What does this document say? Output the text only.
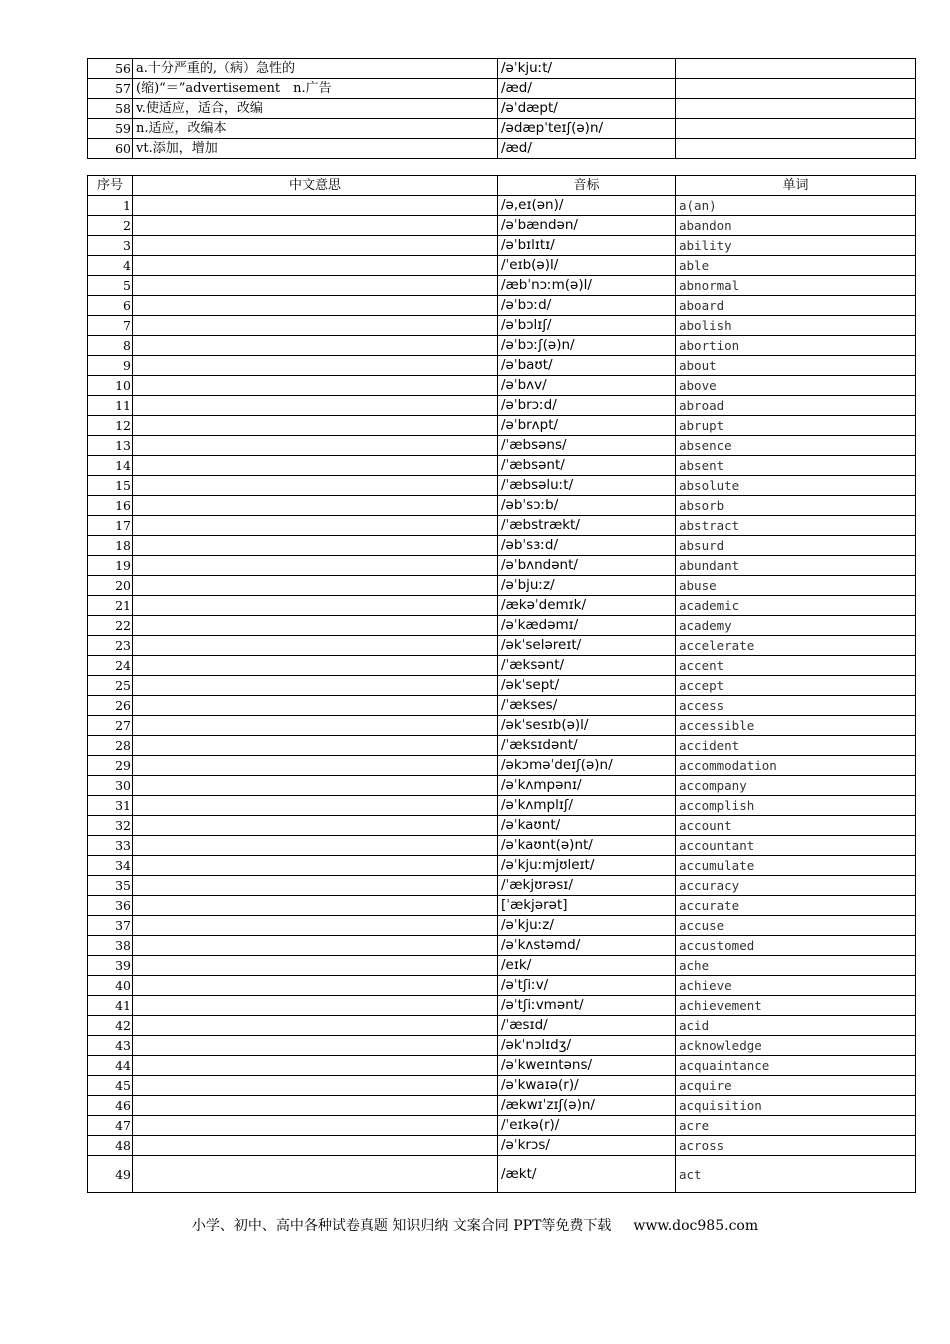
56	a.十分严重的,（病）急性的	/əˈkjuːt/	
57	(缩)“＝”advertisement　n.广告	/æd/	
58	v.使适应，适合，改编	/əˈdæpt/	
59	n.适应，改编本	/ədæpˈteɪʃ(ə)n/	
60	vt.添加，增加	/æd/	
序号	中文意思	音标	单词
1		/ə,eɪ(ən)/	a(an)
2		/əˈbændən/	abandon
3		/əˈbɪlɪtɪ/	ability
4		/ˈeɪb(ə)l/	able
5		/æbˈnɔːm(ə)l/	abnormal
6		/əˈbɔːd/	aboard
7		/əˈbɔlɪʃ/	abolish
8		/əˈbɔːʃ(ə)n/	abortion
9		/əˈbaʊt/	about
10		/əˈbʌv/	above
11		/əˈbrɔːd/	abroad
12		/əˈbrʌpt/	abrupt
13		/ˈæbsəns/	absence
14		/ˈæbsənt/	absent
15		/ˈæbsəluːt/	absolute
16		/əbˈsɔːb/	absorb
17		/ˈæbstrækt/	abstract
18		/əbˈsɜːd/	absurd
19		/əˈbʌndənt/	abundant
20		/əˈbjuːz/	abuse
21		/ækəˈdemɪk/	academic
22		/əˈkædəmɪ/	academy
23		/əkˈseləreɪt/	accelerate
24		/ˈæksənt/	accent
25		/əkˈsept/	accept
26		/ˈækses/	access
27		/əkˈsesɪb(ə)l/	accessible
28		/ˈæksɪdənt/	accident
29		/əkɔməˈdeɪʃ(ə)n/	accommodation
30		/əˈkʌmpənɪ/	accompany
31		/əˈkʌmplɪʃ/	accomplish
32		/əˈkaʊnt/	account
33		/əˈkaʊnt(ə)nt/	accountant
34		/əˈkjuːmjʊleɪt/	accumulate
35		/ˈækjʊrəsɪ/	accuracy
36		[ˈækjərət]	accurate
37		/əˈkjuːz/	accuse
38		/əˈkʌstəmd/	accustomed
39		/eɪk/	ache
40		/əˈtʃiːv/	achieve
41		/əˈtʃiːvmənt/	achievement
42		/ˈæsɪd/	acid
43		/əkˈnɔlɪdʒ/	acknowledge
44		/əˈkweɪntəns/	acquaintance
45		/əˈkwaɪə(r)/	acquire
46		/ækwɪˈzɪʃ(ə)n/	acquisition
47		/ˈeɪkə(r)/	acre
48		/əˈkrɔs/	across
49		/ækt/	act
小学、初中、高中各种试卷真题 知识归纳 文案合同 PPT等免费下载 www.doc985.com
